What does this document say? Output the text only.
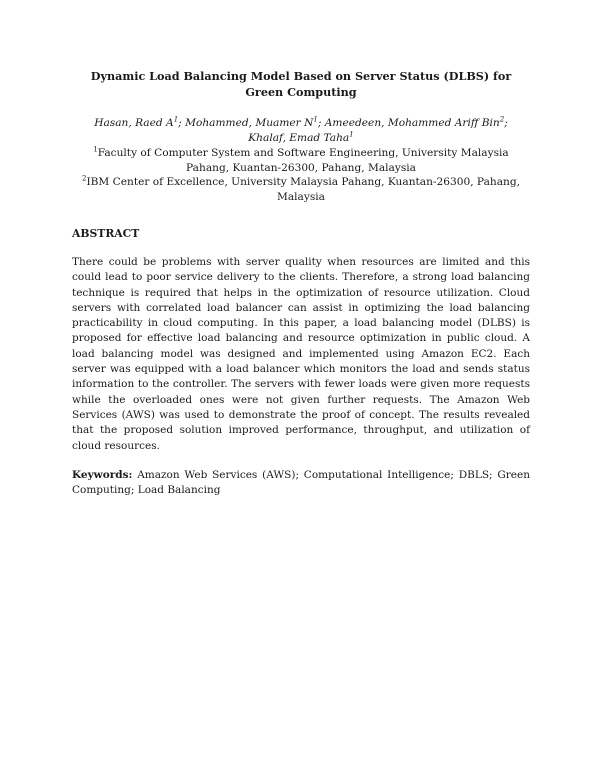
Dynamic Load Balancing Model Based on Server Status (DLBS) for Green Computing

Hasan, Raed $A^1$; Mohammed, Muamer $N^1$; Ameedeen, Mohammed Ariff Bin$^2$; Khalaf, Emad Taha$^1$

$^1$Faculty of Computer System and Software Engineering, University Malaysia Pahang, Kuantan-26300, Pahang, Malaysia

$^2$IBM Center of Excellence, University Malaysia Pahang, Kuantan-26300, Pahang, Malaysia

ABSTRACT

There could be problems with server quality when resources are limited and this could lead to poor service delivery to the clients. Therefore, a strong load balancing technique is required that helps in the optimization of resource utilization. Cloud servers with correlated load balancer can assist in optimizing the load balancing practicability in cloud computing. In this paper, a load balancing model (DLBS) is proposed for effective load balancing and resource optimization in public cloud. A load balancing model was designed and implemented using Amazon EC2. Each server was equipped with a load balancer which monitors the load and sends status information to the controller. The servers with fewer loads were given more requests while the overloaded ones were not given further requests. The Amazon Web Services (AWS) was used to demonstrate the proof of concept. The results revealed that the proposed solution improved performance, throughput, and utilization of cloud resources.

Keywords: Amazon Web Services (AWS); Computational Intelligence; DBLS; Green Computing; Load Balancing
